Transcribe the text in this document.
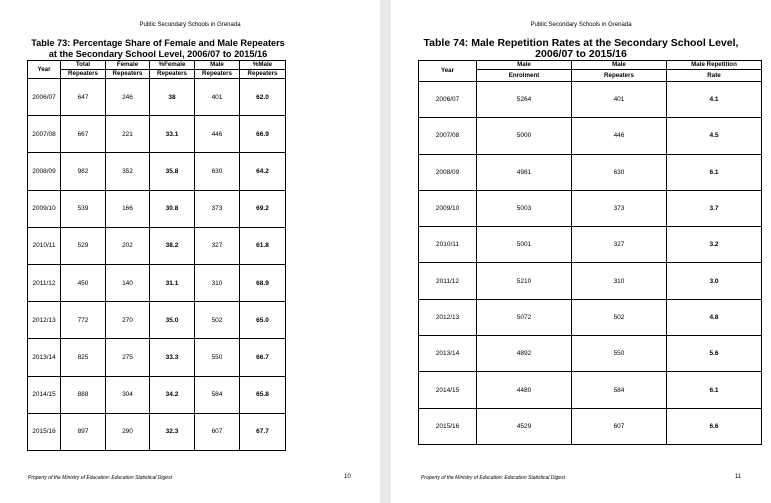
Public Secondary Schools in Grenada
Table 73: Percentage Share of Female and Male Repeaters at the Secondary School Level, 2006/07 to 2015/16
Year	Total	Female	%Female	Male	%Male
	Repeaters	Repeaters	Repeaters	Repeaters	Repeaters
2006/07	647	246	38	401	62.0
2007/08	667	221	33.1	446	66.9
2008/09	982	352	35.8	630	64.2
2009/10	539	166	30.8	373	69.2
2010/11	529	202	38.2	327	61.8
2011/12	450	140	31.1	310	68.9
2012/13	772	270	35.0	502	65.0
2013/14	825	275	33.3	550	66.7
2014/15	888	304	34.2	584	65.8
2015/16	897	290	32.3	607	67.7
Property of the Ministry of Education: Education Statistical Digest	10
Public Secondary Schools in Grenada
Table 74: Male Repetition Rates at the Secondary School Level, 2006/07 to 2015/16
Year	Male	Male	Male Repetition
	Enrolment	Repeaters	Rate
2006/07	5264	401	4.1
2007/08	5000	446	4.5
2008/09	4981	630	6.1
2009/10	5003	373	3.7
2010/11	5001	327	3.2
2011/12	5210	310	3.0
2012/13	5072	502	4.8
2013/14	4892	550	5.6
2014/15	4480	584	6.1
2015/16	4529	607	6.6
Property of the Ministry of Education: Education Statistical Digest	11
